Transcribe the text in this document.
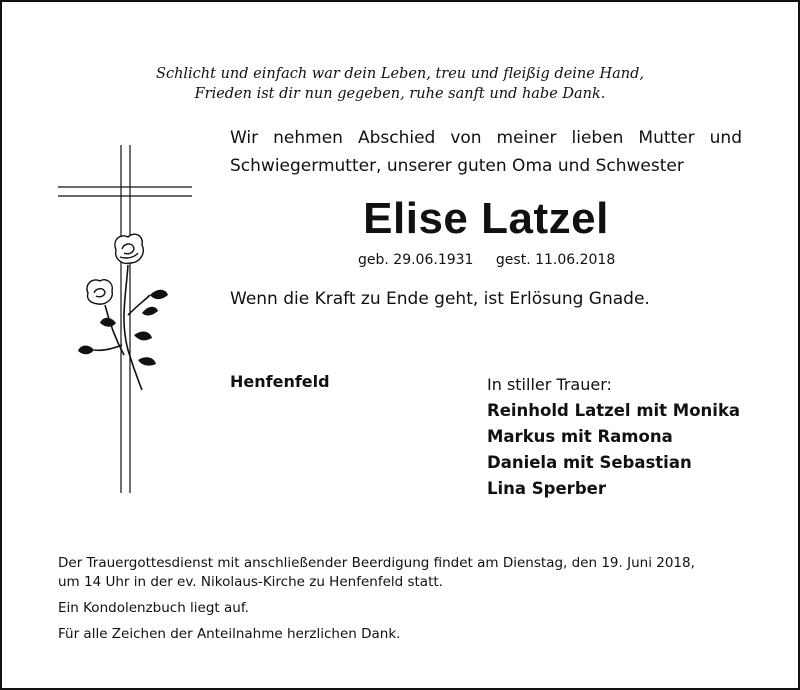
Schlicht und einfach war dein Leben, treu und fleißig deine Hand,
Frieden ist dir nun gegeben, ruhe sanft und habe Dank.
Wir nehmen Abschied von meiner lieben Mutter und
Schwiegermutter, unserer guten Oma und Schwester
Elise Latzel
geb. 29.06.1931 gest. 11.06.2018
Wenn die Kraft zu Ende geht, ist Erlösung Gnade.
Henfenfeld	In stiller Trauer:
Reinhold Latzel mit Monika
Markus mit Ramona
Daniela mit Sebastian
Lina Sperber

Der Trauergottesdienst mit anschließender Beerdigung findet am Dienstag, den 19. Juni 2018,
um 14 Uhr in der ev. Nikolaus-Kirche zu Henfenfeld statt.

Ein Kondolenzbuch liegt auf.

Für alle Zeichen der Anteilnahme herzlichen Dank.
